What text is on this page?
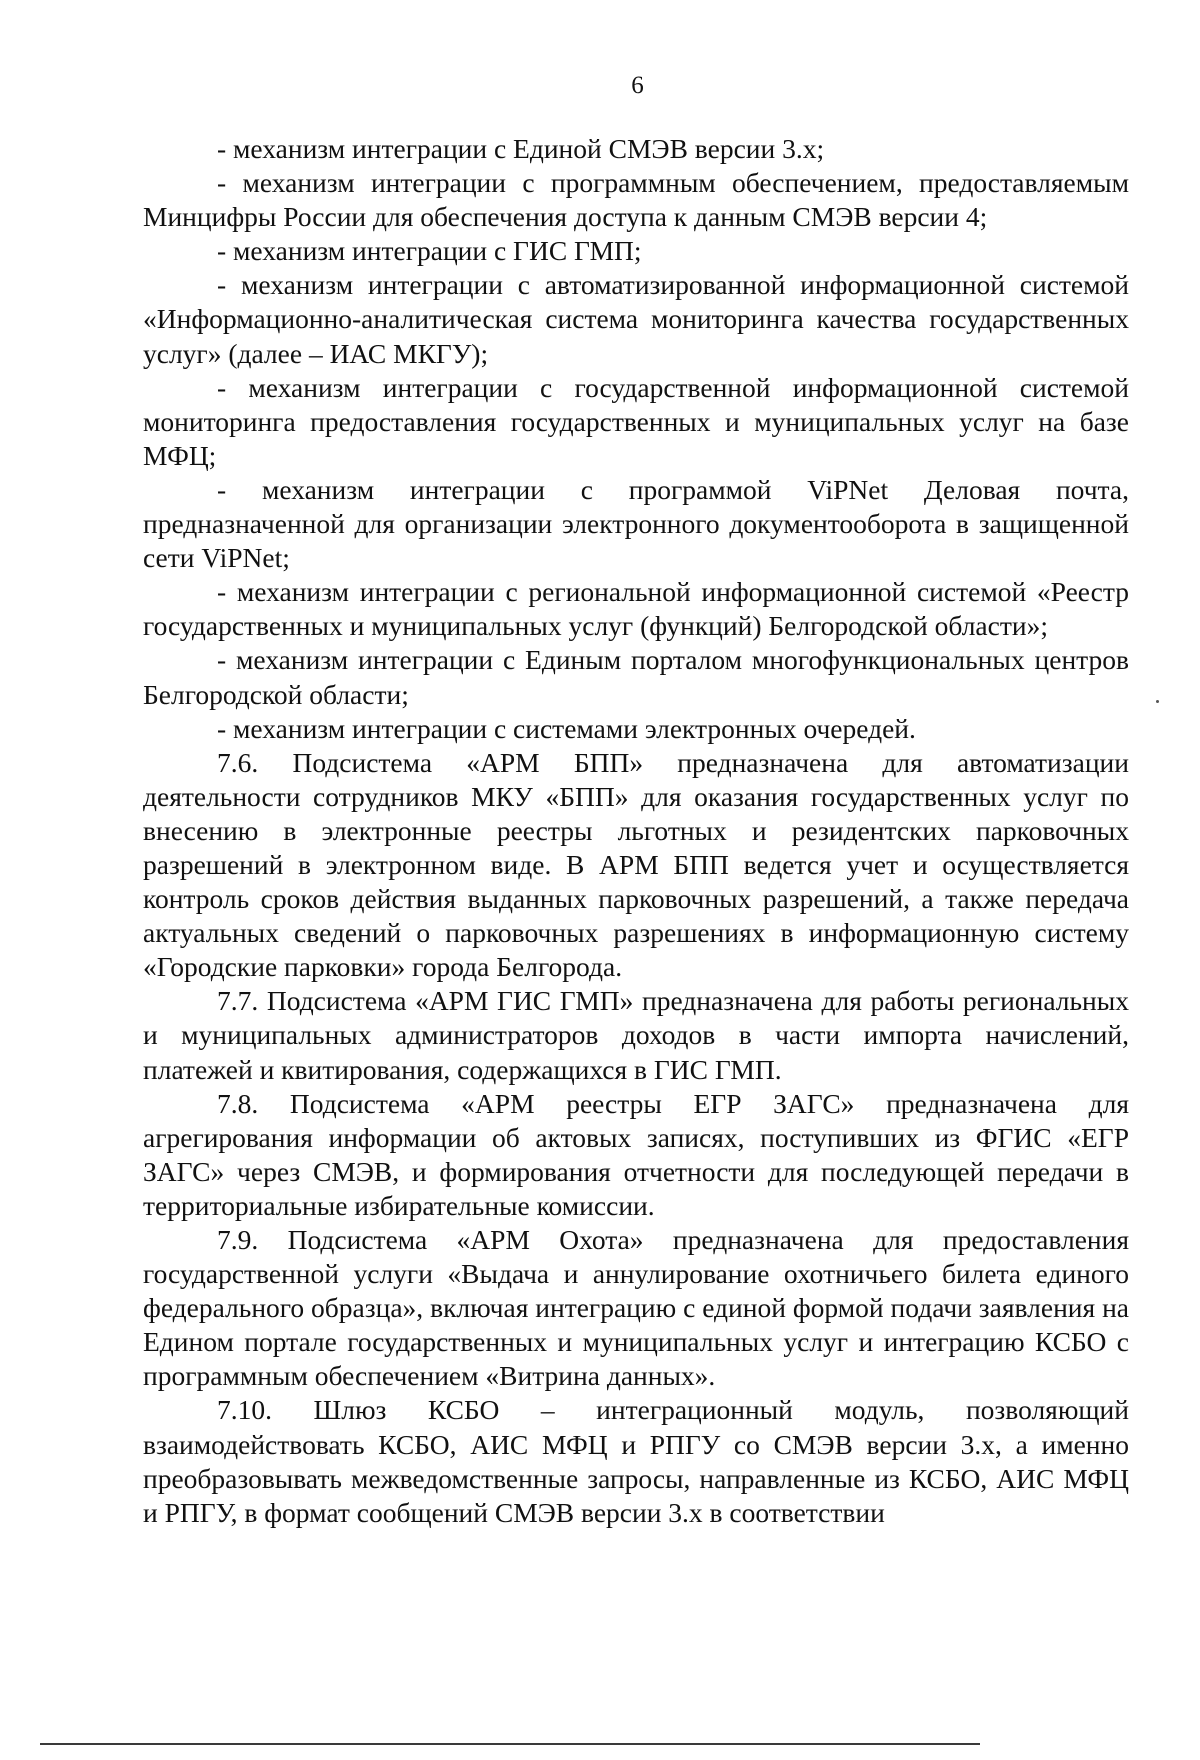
6

- механизм интеграции с Единой СМЭВ версии 3.x;

- механизм интеграции с программным обеспечением, предоставляемым Минцифры России для обеспечения доступа к данным СМЭВ версии 4;

- механизм интеграции с ГИС ГМП;

- механизм интеграции с автоматизированной информационной системой «Информационно-аналитическая система мониторинга качества государственных услуг» (далее – ИАС МКГУ);

- механизм интеграции с государственной информационной системой мониторинга предоставления государственных и муниципальных услуг на базе МФЦ;

- механизм интеграции с программой ViPNet Деловая почта, предназначенной для организации электронного документооборота в защищенной сети ViPNet;

- механизм интеграции с региональной информационной системой «Реестр государственных и муниципальных услуг (функций) Белгородской области»;

- механизм интеграции с Единым порталом многофункциональных центров Белгородской области;

- механизм интеграции с системами электронных очередей.

7.6. Подсистема «АРМ БПП» предназначена для автоматизации деятельности сотрудников МКУ «БПП» для оказания государственных услуг по внесению в электронные реестры льготных и резидентских парковочных разрешений в электронном виде. В АРМ БПП ведется учет и осуществляется контроль сроков действия выданных парковочных разрешений, а также передача актуальных сведений о парковочных разрешениях в информационную систему «Городские парковки» города Белгорода.

7.7. Подсистема «АРМ ГИС ГМП» предназначена для работы региональных и муниципальных администраторов доходов в части импорта начислений, платежей и квитирования, содержащихся в ГИС ГМП.

7.8. Подсистема «АРМ реестры ЕГР ЗАГС» предназначена для агрегирования информации об актовых записях, поступивших из ФГИС «ЕГР ЗАГС» через СМЭВ, и формирования отчетности для последующей передачи в территориальные избирательные комиссии.

7.9. Подсистема «АРМ Охота» предназначена для предоставления государственной услуги «Выдача и аннулирование охотничьего билета единого федерального образца», включая интеграцию с единой формой подачи заявления на Едином портале государственных и муниципальных услуг и интеграцию КСБО с программным обеспечением «Витрина данных».

7.10. Шлюз КСБО – интеграционный модуль, позволяющий взаимодействовать КСБО, АИС МФЦ и РПГУ со СМЭВ версии 3.x, а именно преобразовывать межведомственные запросы, направленные из КСБО, АИС МФЦ и РПГУ, в формат сообщений СМЭВ версии 3.x в соответствии
